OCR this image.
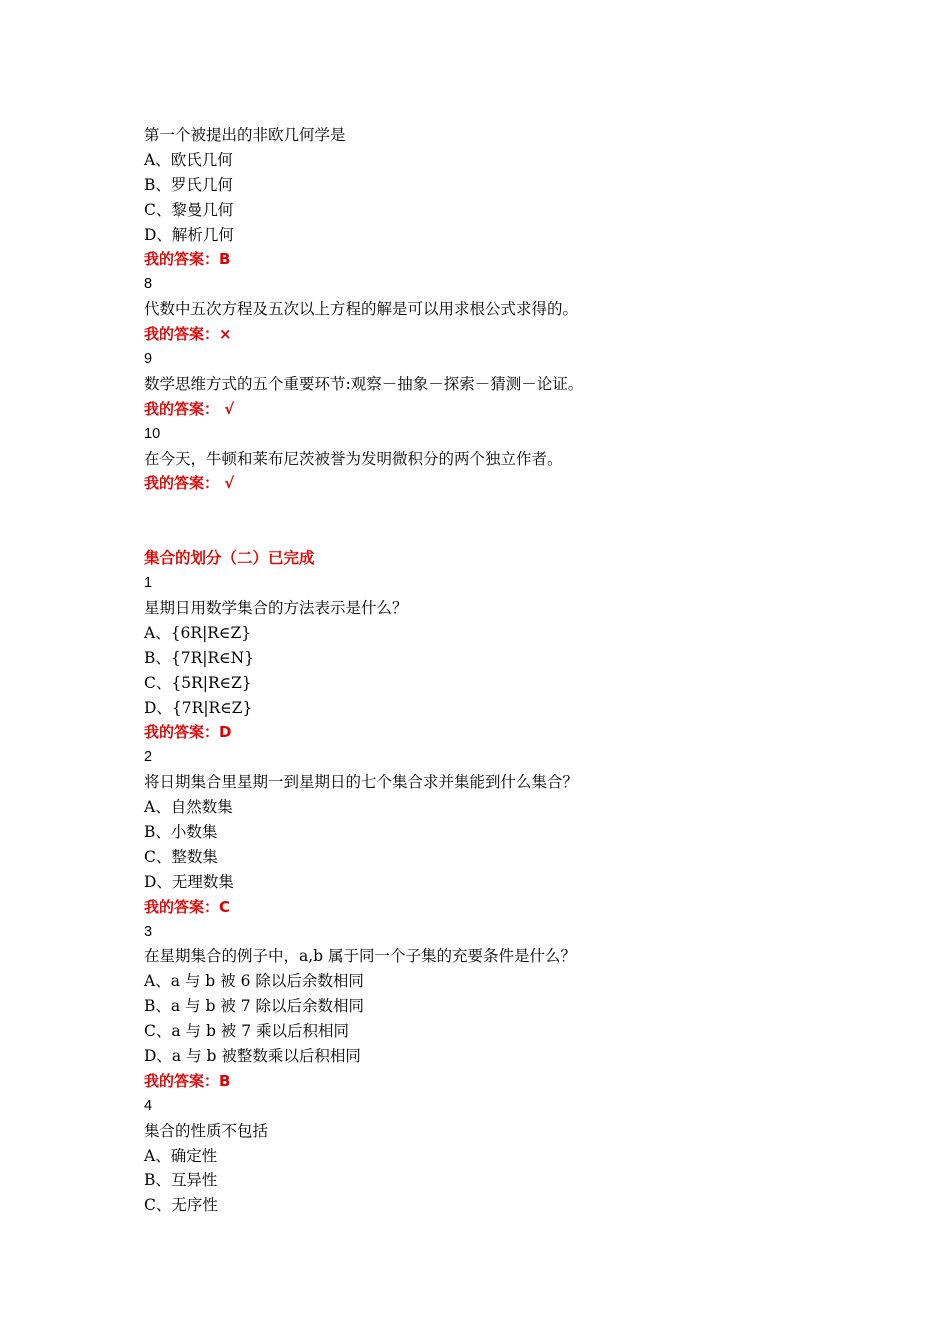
第一个被提出的非欧几何学是
A、欧氏几何
B、罗氏几何
C、黎曼几何
D、解析几何
我的答案：B
8
代数中五次方程及五次以上方程的解是可以用求根公式求得的。
我的答案：×
9
数学思维方式的五个重要环节:观察－抽象－探索－猜测－论证。
我的答案： √
10
在今天，牛顿和莱布尼茨被誉为发明微积分的两个独立作者。
我的答案： √
集合的划分（二）已完成
1
星期日用数学集合的方法表示是什么？
A、{6R|R∈Z}
B、{7R|R∈N}
C、{5R|R∈Z}
D、{7R|R∈Z}
我的答案：D
2
将日期集合里星期一到星期日的七个集合求并集能到什么集合？
A、自然数集
B、小数集
C、整数集
D、无理数集
我的答案：C
3
在星期集合的例子中，a,b 属于同一个子集的充要条件是什么？
A、a 与 b 被 6 除以后余数相同
B、a 与 b 被 7 除以后余数相同
C、a 与 b 被 7 乘以后积相同
D、a 与 b 被整数乘以后积相同
我的答案：B
4
集合的性质不包括
A、确定性
B、互异性
C、无序性
